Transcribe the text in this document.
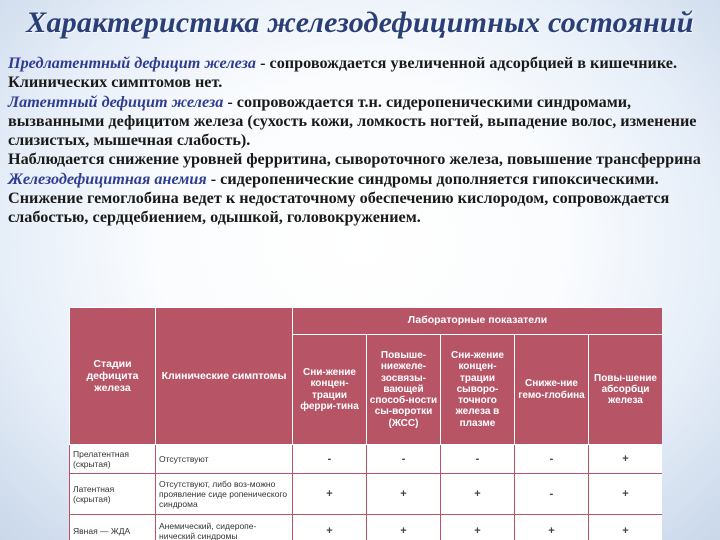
Характеристика железодефицитных состояний

Предлатентный дефицит железа - сопровождается увеличенной адсорбцией в кишечнике. Клинических симптомов нет.

Латентный дефицит железа - сопровождается т.н. сидеропеническими синдромами, вызванными дефицитом железа (сухость кожи, ломкость ногтей, выпадение волос, изменение слизистых, мышечная слабость).

Наблюдается снижение уровней ферритина, сывороточного железа, повышение трансферрина

Железодефицитная анемия - сидеропенические синдромы дополняется гипоксическими. Снижение гемоглобина ведет к недостаточному обеспечению кислородом, сопровождается слабостью, сердцебиением, одышкой, головокружением.

Стадии дефицита железа	Клинические симптомы	Лабораторные показатели				
		Сни-жение концен-трации ферри-тина	Повыше-ниежеле-зосвязы-вающей способ-ности сы-воротки (ЖСС)	Сни-жение концен-трации сыворо-точного железа в плазме	Сниже-ние гемо-глобина	Повы-шение абсорбци железа
Прелатентная (скрытая)	Отсутствуют	-	-	-	-	+
Латентная (скрытая)	Отсутствуют, либо воз-можно проявление сиде ропенического синдрома	+	+	+	-	+
Явная — ЖДА	Анемический, сидеропе-нический синдромы	+	+	+	+	+
